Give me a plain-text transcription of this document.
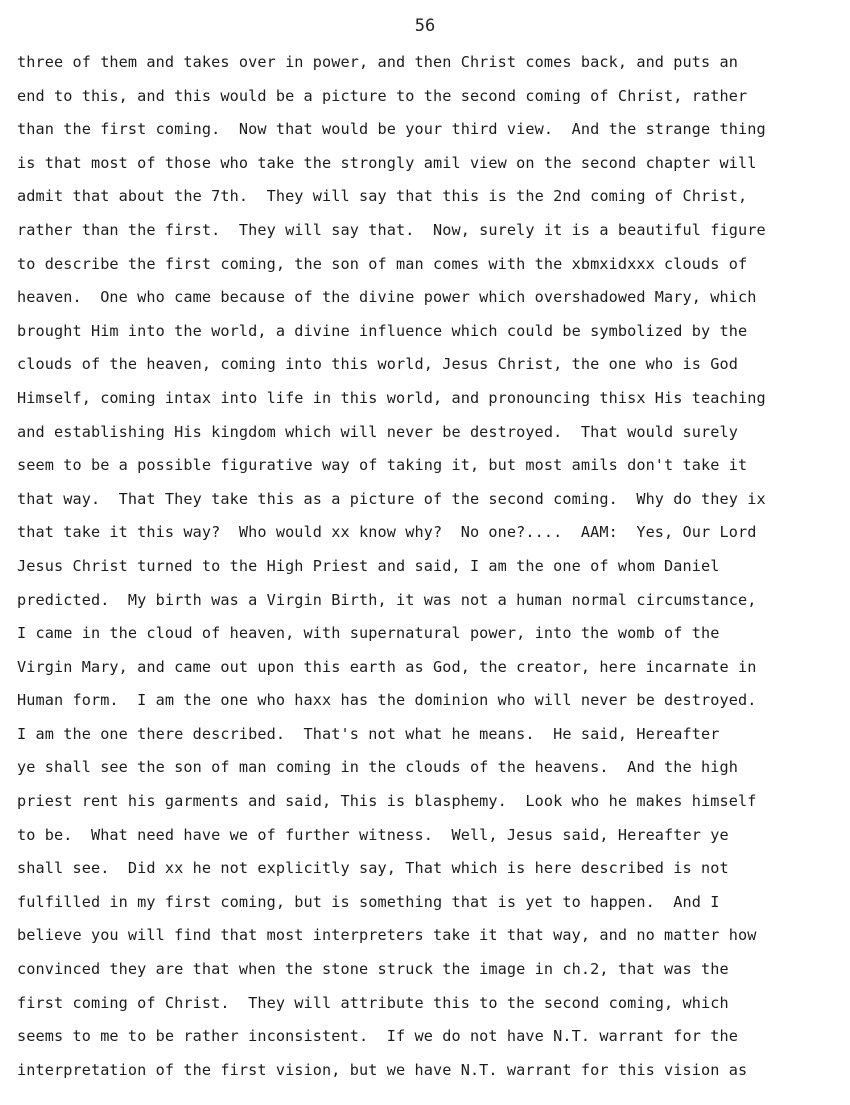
56
three of them and takes over in power, and then Christ comes back, and puts an
end to this, and this would be a picture to the second coming of Christ, rather
than the first coming.  Now that would be your third view.  And the strange thing
is that most of those who take the strongly amil view on the second chapter will
admit that about the 7th.  They will say that this is the 2nd coming of Christ,
rather than the first.  They will say that.  Now, surely it is a beautiful figure
to describe the first coming, the son of man comes with the xbmxidxxx clouds of
heaven.  One who came because of the divine power which overshadowed Mary, which
brought Him into the world, a divine influence which could be symbolized by the
clouds of the heaven, coming into this world, Jesus Christ, the one who is God
Himself, coming intax into life in this world, and pronouncing thisx His teaching
and establishing His kingdom which will never be destroyed.  That would surely
seem to be a possible figurative way of taking it, but most amils don't take it
that way.  That They take this as a picture of the second coming.  Why do they ix
that take it this way?  Who would xx know why?  No one?....  AAM:  Yes, Our Lord
Jesus Christ turned to the High Priest and said, I am the one of whom Daniel
predicted.  My birth was a Virgin Birth, it was not a human normal circumstance,
I came in the cloud of heaven, with supernatural power, into the womb of the
Virgin Mary, and came out upon this earth as God, the creator, here incarnate in
Human form.  I am the one who haxx has the dominion who will never be destroyed.
I am the one there described.  That's not what he means.  He said, Hereafter
ye shall see the son of man coming in the clouds of the heavens.  And the high
priest rent his garments and said, This is blasphemy.  Look who he makes himself
to be.  What need have we of further witness.  Well, Jesus said, Hereafter ye
shall see.  Did xx he not explicitly say, That which is here described is not
fulfilled in my first coming, but is something that is yet to happen.  And I
believe you will find that most interpreters take it that way, and no matter how
convinced they are that when the stone struck the image in ch.2, that was the
first coming of Christ.  They will attribute this to the second coming, which
seems to me to be rather inconsistent.  If we do not have N.T. warrant for the
interpretation of the first vision, but we have N.T. warrant for this vision as
